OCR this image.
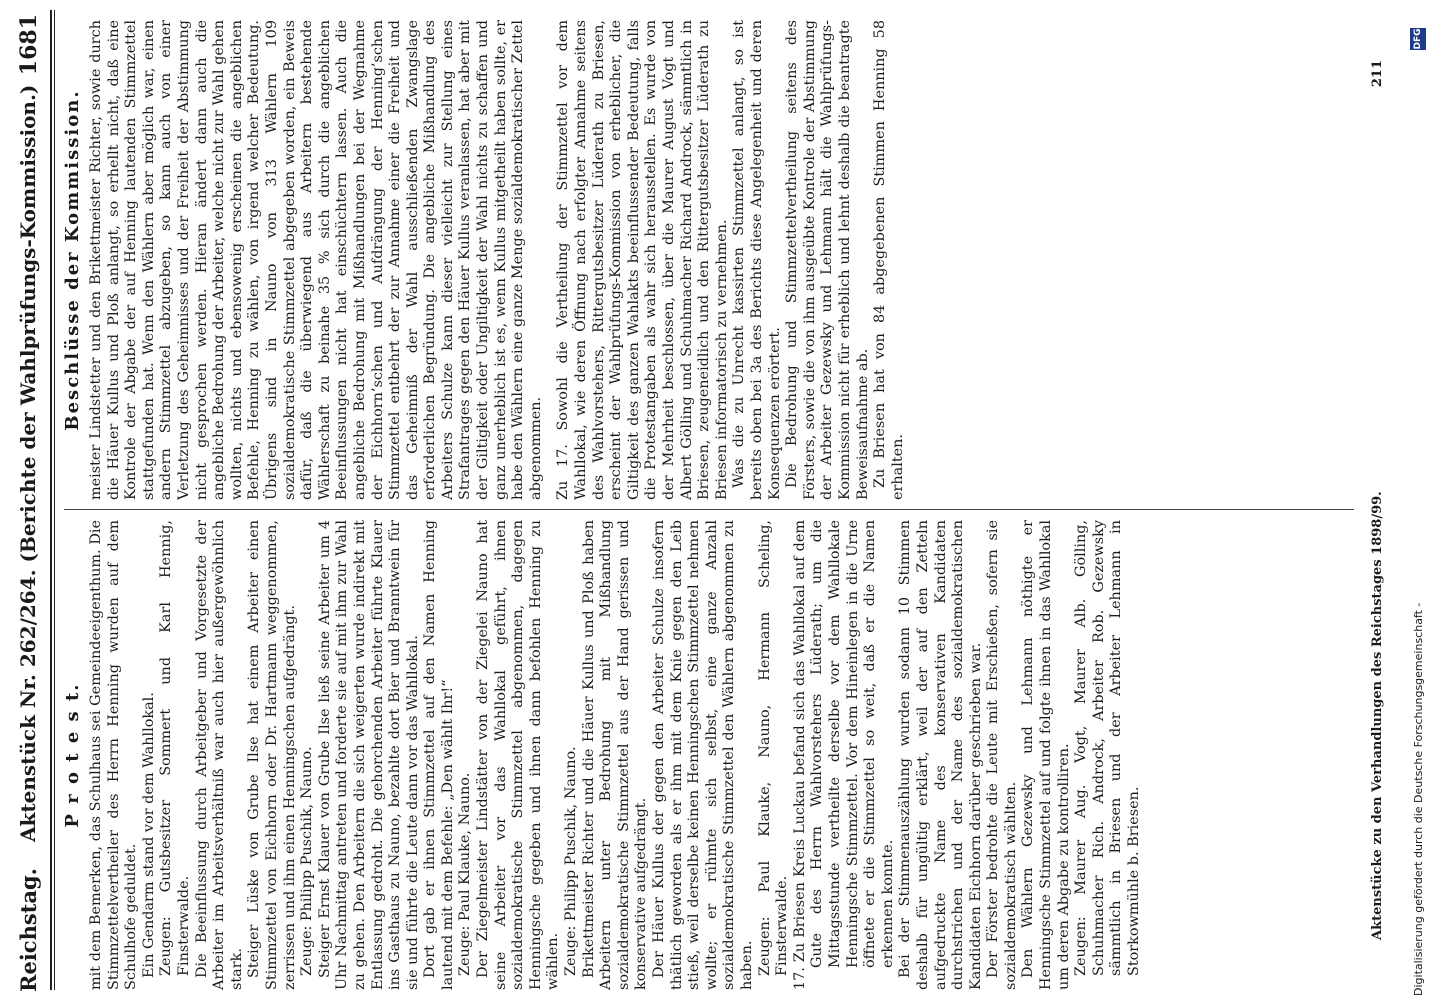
Reichstag.
Aktenstück Nr. 262/264. (Berichte der Wahlprüfungs-Kommission.)
1681
P r o t e s t.
Beschlüsse der Kommission.

mit dem Bemerken, das Schulhaus sei Gemeindeeigenthum. Die Stimmzettelvertheiler des Herrn Henning wurden auf dem Schulhofe geduldet. Ein Gendarm stand vor dem Wahllokal. Zeugen: Gutsbesitzer Sommert und Karl Hennig, Finsterwalde. Die Beeinflussung durch Arbeitgeber und Vorgesetzte der Arbeiter im Arbeitsverhältniß war auch hier außergewöhnlich stark. Steiger Lüske von Grube Ilse hat einem Arbeiter einen Stimmzettel von Eichhorn oder Dr. Hartmann weggenommen, zerrissen und ihm einen Henningschen aufgedrängt. Zeuge: Philipp Puschik, Nauno. Steiger Ernst Klauer von Grube Ilse ließ seine Arbeiter um 4 Uhr Nachmittag antreten und forderte sie auf mit ihm zur Wahl zu gehen. Den Arbeitern die sich weigerten wurde indirekt mit Entlassung gedroht. Die gehorchenden Arbeiter führte Klauer ins Gasthaus zu Nauno, bezahlte dort Bier und Branntwein für sie und führte die Leute dann vor das Wahllokal. Dort gab er ihnen Stimmzettel auf den Namen Henning lautend mit dem Befehle: „Den wählt Ihr!“ Zeuge: Paul Klauke, Nauno. Der Ziegelmeister Lindstätter von der Ziegelei Nauno hat seine Arbeiter vor das Wahllokal geführt, ihnen sozialdemokratische Stimmzettel abgenommen, dagegen Henningsche gegeben und ihnen dann befohlen Henning zu wählen. Zeuge: Philipp Puschik, Nauno. Brikettmeister Richter und die Häuer Kullus und Ploß haben Arbeitern unter Bedrohung mit Mißhandlung sozialdemokratische Stimmzettel aus der Hand gerissen und konservative aufgedrängt. Der Häuer Kullus der gegen den Arbeiter Schulze insofern thätlich geworden als er ihm mit dem Knie gegen den Leib stieß, weil derselbe keinen Henningschen Stimmzettel nehmen wollte; er rühmte sich selbst, eine ganze Anzahl sozialdemokratische Stimmzettel den Wählern abgenommen zu haben. Zeugen: Paul Klauke, Nauno, Hermann Scheling, Finsterwalde. 17. Zu Briesen Kreis Luckau befand sich das Wahllokal auf dem Gute des Herrn Wahlvorstehers Lüderath; um die Mittagsstunde vertheilte derselbe vor dem Wahllokale Henningsche Stimmzettel. Vor dem Hineinlegen in die Urne öffnete er die Stimmzettel so weit, daß er die Namen erkennen konnte. Bei der Stimmenauszählung wurden sodann 10 Stimmen deshalb für ungültig erklärt, weil der auf den Zetteln aufgedruckte Name des konservativen Kandidaten durchstrichen und der Name des sozialdemokratischen Kandidaten Eichhorn darüber geschrieben war. Der Förster bedrohte die Leute mit Erschießen, sofern sie sozialdemokratisch wählten. Den Wählern Gezewsky und Lehmann nöthigte er Henningsche Stimmzettel auf und folgte ihnen in das Wahllokal um deren Abgabe zu kontrolliren. Zeugen: Maurer Aug. Vogt, Maurer Alb. Gölling, Schuhmacher Rich. Androck, Arbeiter Rob. Gezewsky sämmtlich in Briesen und der Arbeiter Lehmann in Storkowmühle b. Briesen.

meister Lindstetter und den Brikettmeister Richter, sowie durch die Häuer Kullus und Ploß anlangt, so erhellt nicht, daß eine Kontrole der Abgabe der auf Henning lautenden Stimmzettel stattgefunden hat. Wenn den Wählern aber möglich war, einen andern Stimmzettel abzugeben, so kann auch von einer Verletzung des Geheimnisses und der Freiheit der Abstimmung nicht gesprochen werden. Hieran ändert dann auch die angebliche Bedrohung der Arbeiter, welche nicht zur Wahl gehen wollten, nichts und ebensowenig erscheinen die angeblichen Befehle, Henning zu wählen, von irgend welcher Bedeutung. Übrigens sind in Nauno von 313 Wählern 109 sozialdemokratische Stimmzettel abgegeben worden, ein Beweis dafür, daß die überwiegend aus Arbeitern bestehende Wählerschaft zu beinahe 35 % sich durch die angeblichen Beeinflussungen nicht hat einschüchtern lassen. Auch die angebliche Bedrohung mit Mißhandlungen bei der Wegnahme der Eichhorn’schen und Aufdrängung der Henning’schen Stimmzettel entbehrt der zur Annahme einer die Freiheit und das Geheimniß der Wahl ausschließenden Zwangslage erforderlichen Begründung. Die angebliche Mißhandlung des Arbeiters Schulze kann dieser vielleicht zur Stellung eines Strafantrages gegen den Häuer Kullus veranlassen, hat aber mit der Giltigkeit oder Ungiltigkeit der Wahl nichts zu schaffen und ganz unerheblich ist es, wenn Kullus mitgetheilt haben sollte, er habe den Wählern eine ganze Menge sozialdemokratischer Zettel abgenommen. Zu 17. Sowohl die Vertheilung der Stimmzettel vor dem Wahllokal, wie deren Öffnung nach erfolgter Annahme seitens des Wahlvorstehers, Rittergutsbesitzer Lüderath zu Briesen, erscheint der Wahlprüfungs-Kommission von erheblicher, die Giltigkeit des ganzen Wahlakts beeinflussender Bedeutung, falls die Protestangaben als wahr sich herausstellen. Es wurde von der Mehrheit beschlossen, über die Maurer August Vogt und Albert Gölling und Schuhmacher Richard Androck, sämmtlich in Briesen, zeugeneidlich und den Rittergutsbesitzer Lüderath zu Briesen informatorisch zu vernehmen. Was die zu Unrecht kassirten Stimmzettel anlangt, so ist bereits oben bei 3a des Berichts diese Angelegenheit und deren Konsequenzen erörtert. Die Bedrohung und Stimmzettelvertheilung seitens des Försters, sowie die von ihm ausgeübte Kontrole der Abstimmung der Arbeiter Gezewsky und Lehmann hält die Wahlprüfungs-Kommission nicht für erheblich und lehnt deshalb die beantragte Beweisaufnahme ab. Zu Briesen hat von 84 abgegebenen Stimmen Henning 58 erhalten.

Aktenstücke zu den Verhandlungen des Reichstages 1898/99.
211
Digitalisierung gefördert durch die Deutsche Forschungsgemeinschaft -
DFG
